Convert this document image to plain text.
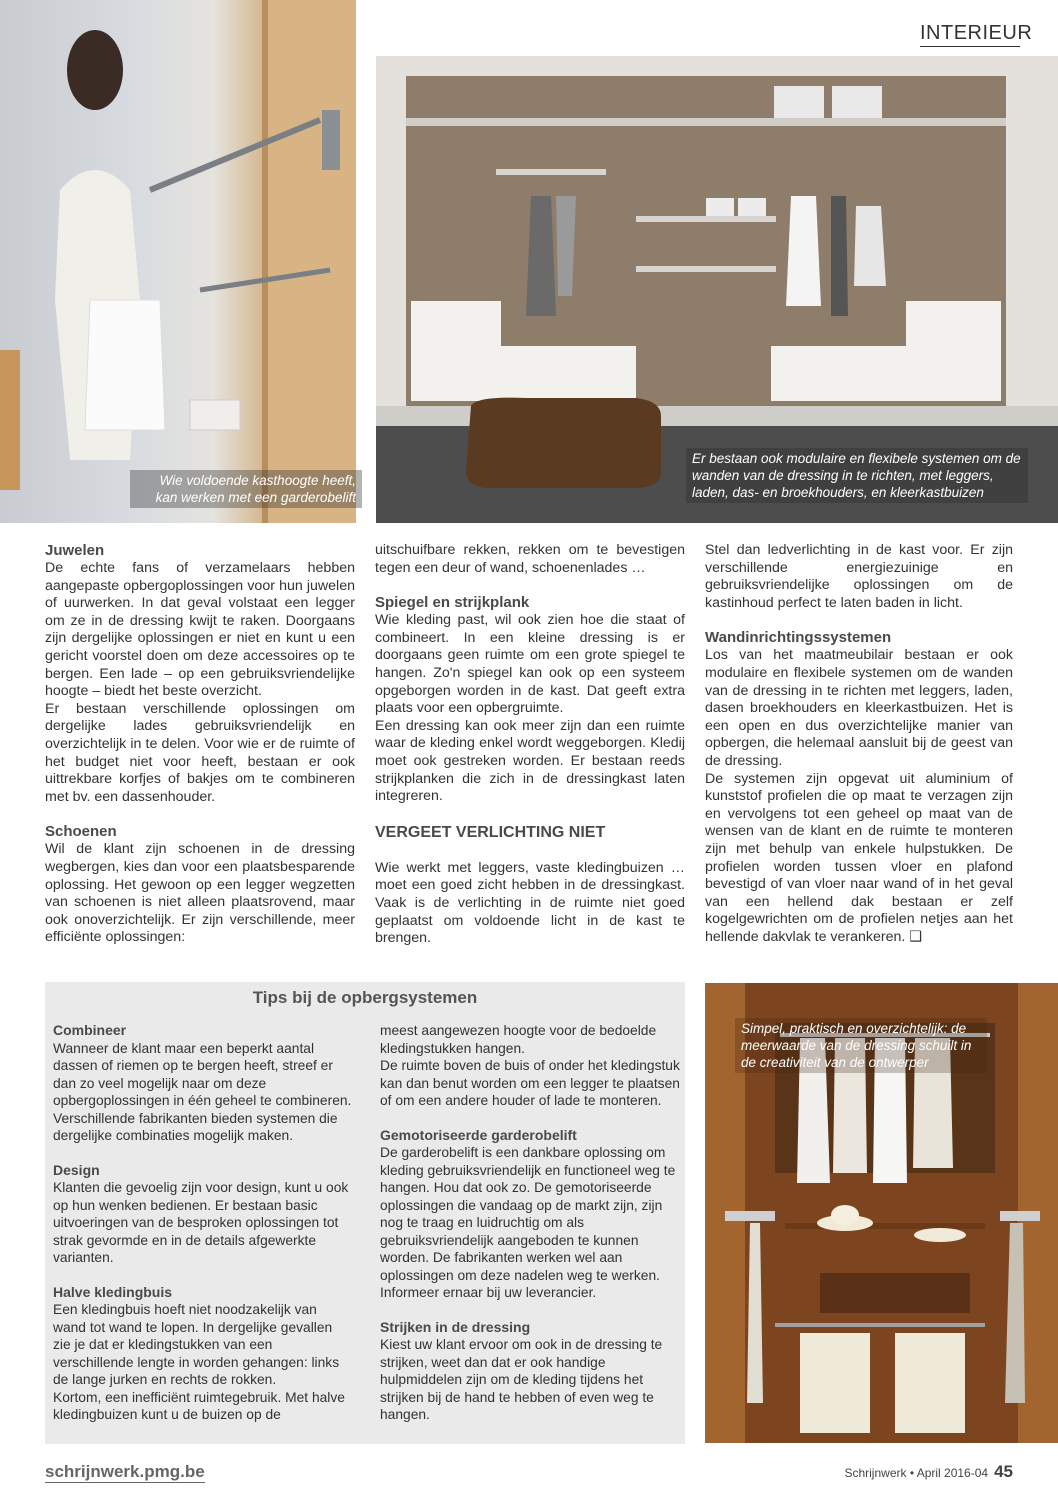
INTERIEUR
Wie voldoende kasthoogte heeft, kan werken met een garderobelift
Er bestaan ook modulaire en flexibele systemen om de wanden van de dressing in te richten, met leggers, laden, das- en broekhouders, en kleerkastbuizen
Juwelen

De echte fans of verzamelaars hebben aangepaste opbergoplossingen voor hun juwelen of uurwerken. In dat geval volstaat een legger om ze in de dressing kwijt te raken. Doorgaans zijn dergelijke oplossingen er niet en kunt u een gericht voorstel doen om deze accessoires op te bergen. Een lade – op een gebruiksvriendelijke hoogte – biedt het beste overzicht.

Er bestaan verschillende oplossingen om dergelijke lades gebruiksvriendelijk en overzichtelijk in te delen. Voor wie er de ruimte of het budget niet voor heeft, bestaan er ook uittrekbare korfjes of bakjes om te combineren met bv. een dassenhouder.

Schoenen

Wil de klant zijn schoenen in de dressing wegbergen, kies dan voor een plaatsbesparende oplossing. Het gewoon op een legger wegzetten van schoenen is niet alleen plaatsrovend, maar ook onoverzichtelijk. Er zijn verschillende, meer efficiënte oplossingen:

uitschuifbare rekken, rekken om te bevestigen tegen een deur of wand, schoenenlades …

Spiegel en strijkplank

Wie kleding past, wil ook zien hoe die staat of combineert. In een kleine dressing is er doorgaans geen ruimte om een grote spiegel te hangen. Zo'n spiegel kan ook op een systeem opgeborgen worden in de kast. Dat geeft extra plaats voor een opbergruimte.

Een dressing kan ook meer zijn dan een ruimte waar de kleding enkel wordt weggeborgen. Kledij moet ook gestreken worden. Er bestaan reeds strijkplanken die zich in de dressingkast laten integreren.

VERGEET VERLICHTING NIET

Wie werkt met leggers, vaste kledingbuizen … moet een goed zicht hebben in de dressingkast. Vaak is de verlichting in de ruimte niet goed geplaatst om voldoende licht in de kast te brengen.

Stel dan ledverlichting in de kast voor. Er zijn verschillende energiezuinige en gebruiksvriendelijke oplossingen om de kastinhoud perfect te laten baden in licht.

Wandinrichtingssystemen

Los van het maatmeubilair bestaan er ook modulaire en flexibele systemen om de wanden van de dressing in te richten met leggers, laden, dasen broekhouders en kleerkastbuizen. Het is een open en dus overzichtelijke manier van opbergen, die helemaal aansluit bij de geest van de dressing.

De systemen zijn opgevat uit aluminium of kunststof profielen die op maat te verzagen zijn en vervolgens tot een geheel op maat van de wensen van de klant en de ruimte te monteren zijn met behulp van enkele hulpstukken. De profielen worden tussen vloer en plafond bevestigd of van vloer naar wand of in het geval van een hellend dak bestaan er zelf kogelgewrichten om de profielen netjes aan het hellende dakvlak te verankeren. ❑

Tips bij de opbergsystemen
Combineer

Wanneer de klant maar een beperkt aantal dassen of riemen op te bergen heeft, streef er dan zo veel mogelijk naar om deze opbergoplossingen in één geheel te combineren. Verschillende fabrikanten bieden systemen die dergelijke combinaties mogelijk maken.

Design

Klanten die gevoelig zijn voor design, kunt u ook op hun wenken bedienen. Er bestaan basic uitvoeringen van de besproken oplossingen tot strak gevormde en in de details afgewerkte varianten.

Halve kledingbuis

Een kledingbuis hoeft niet noodzakelijk van wand tot wand te lopen. In dergelijke gevallen zie je dat er kledingstukken van een verschillende lengte in worden gehangen: links de lange jurken en rechts de rokken.

Kortom, een inefficiënt ruimtegebruik. Met halve kledingbuizen kunt u de buizen op de

meest aangewezen hoogte voor de bedoelde kledingstukken hangen.

De ruimte boven de buis of onder het kledingstuk kan dan benut worden om een legger te plaatsen of om een andere houder of lade te monteren.

Gemotoriseerde garderobelift

De garderobelift is een dankbare oplossing om kleding gebruiksvriendelijk en functioneel weg te hangen. Hou dat ook zo. De gemotoriseerde oplossingen die vandaag op de markt zijn, zijn nog te traag en luidruchtig om als gebruiksvriendelijk aangeboden te kunnen worden. De fabrikanten werken wel aan oplossingen om deze nadelen weg te werken. Informeer ernaar bij uw leverancier.

Strijken in de dressing

Kiest uw klant ervoor om ook in de dressing te strijken, weet dan dat er ook handige hulpmiddelen zijn om de kleding tijdens het strijken bij de hand te hebben of even weg te hangen.

Simpel, praktisch en overzichtelijk: de meerwaarde van de dressing schuilt in de creativiteit van de ontwerper
schrijnwerk.pmg.be	Schrijnwerk • April 2016-04 45
